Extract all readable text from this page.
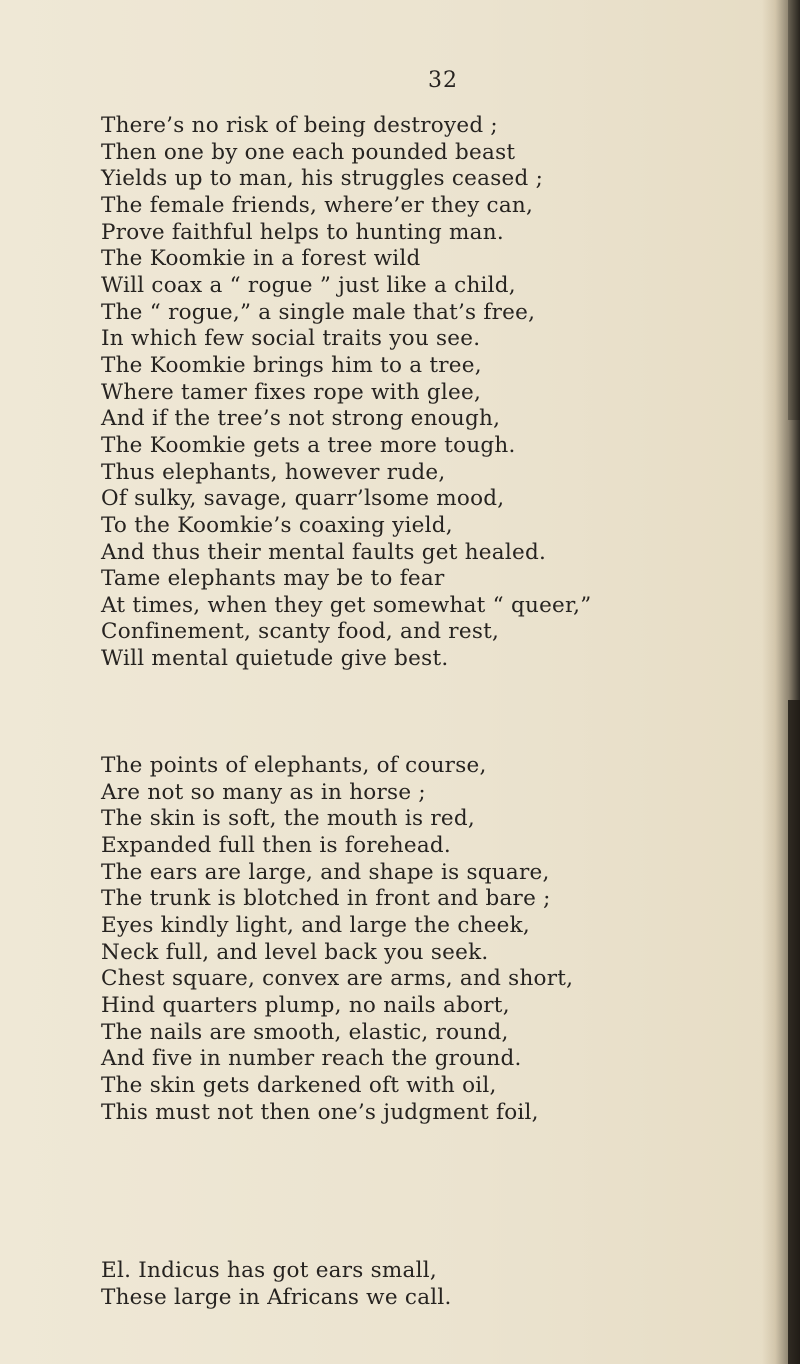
32
There’s no risk of being destroyed ;
Then one by one each pounded beast
Yields up to man, his struggles ceased ;
The female friends, where’er they can,
Prove faithful helps to hunting man.
The Koomkie in a forest wild
Will coax a “ rogue ” just like a child,
The “ rogue,” a single male that’s free,
In which few social traits you see.
The Koomkie brings him to a tree,
Where tamer fixes rope with glee,
And if the tree’s not strong enough,
The Koomkie gets a tree more tough.
Thus elephants, however rude,
Of sulky, savage, quarr’lsome mood,
To the Koomkie’s coaxing yield,
And thus their mental faults get healed.
Tame elephants may be to fear
At times, when they get somewhat “ queer,”
Confinement, scanty food, and rest,
Will mental quietude give best.
The points of elephants, of course,
Are not so many as in horse ;
The skin is soft, the mouth is red,
Expanded full then is forehead.
The ears are large, and shape is square,
The trunk is blotched in front and bare ;
Eyes kindly light, and large the cheek,
Neck full, and level back you seek.
Chest square, convex are arms, and short,
Hind quarters plump, no nails abort,
The nails are smooth, elastic, round,
And five in number reach the ground.
The skin gets darkened oft with oil,
This must not then one’s judgment foil,
El. Indicus has got ears small,
These large in Africans we call.
